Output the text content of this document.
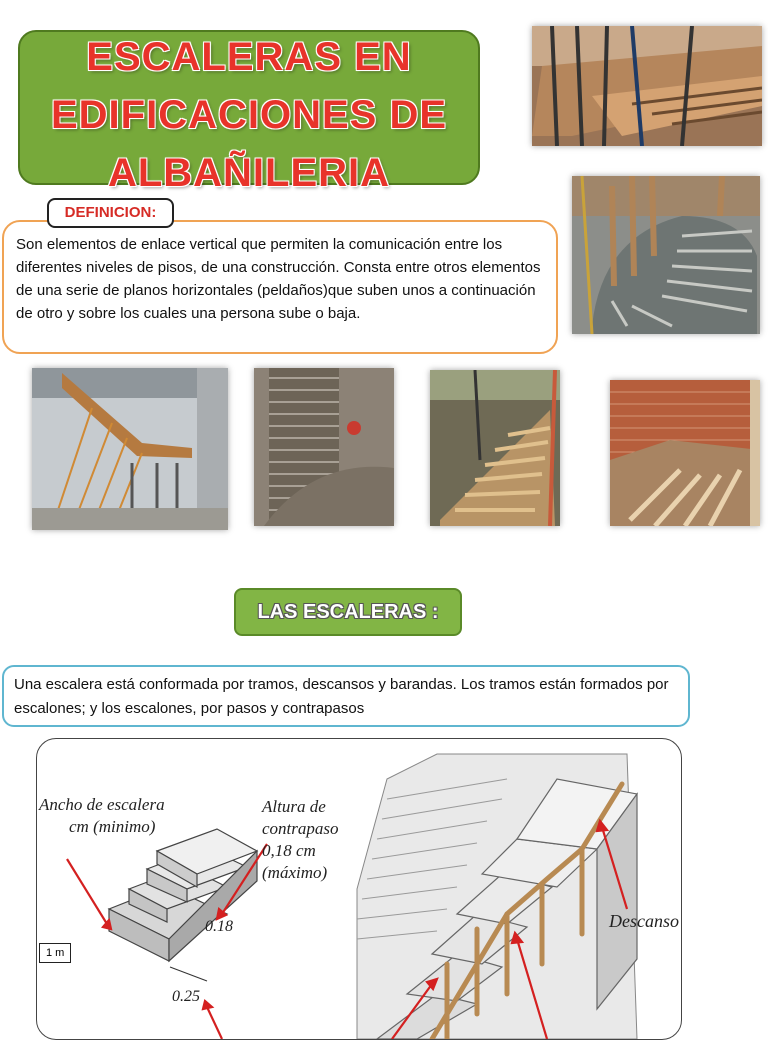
ESCALERAS EN
EDIFICACIONES DE
ALBAÑILERIA
Son elementos de enlace vertical que permiten la comunicación entre los diferentes niveles de pisos, de una construcción. Consta entre otros elementos de una serie de planos horizontales (peldaños)que suben unos a continuación de otro y sobre los cuales una persona sube o baja.
DEFINICION:
LAS ESCALERAS :
Una escalera está conformada por tramos, descansos y barandas. Los tramos están formados por escalones; y los escalones, por pasos y contrapasos
Ancho de escalera
cm (minimo)
Altura de
contrapaso
0,18 cm
(máximo)
0.18
0.25
1 m
Descanso
